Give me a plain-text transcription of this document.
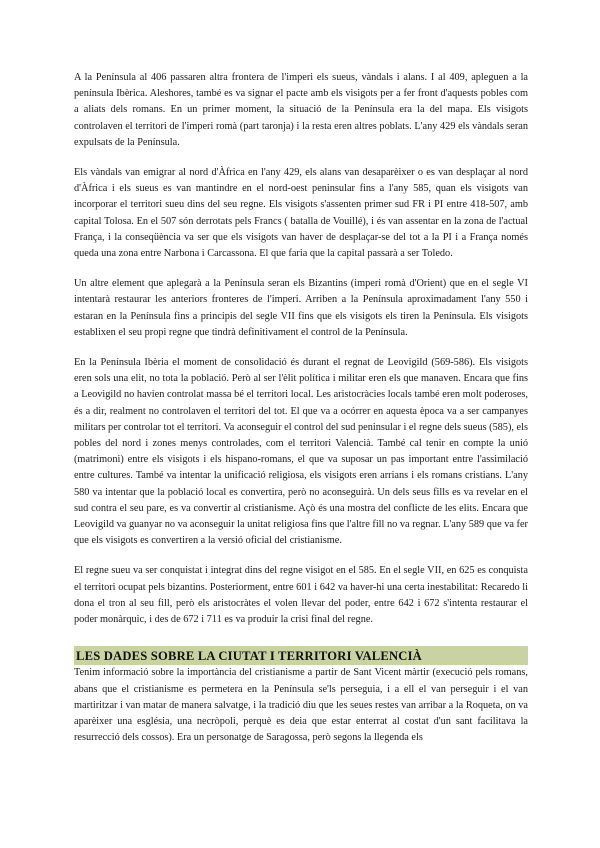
A la Península al 406 passaren altra frontera de l'imperi els sueus, vàndals i alans. I al 409, apleguen a la península Ibèrica. Aleshores, també es va signar el pacte amb els visigots per a fer front d'aquests pobles com a aliats dels romans. En un primer moment, la situació de la Península era la del mapa. Els visigots controlaven el territori de l'imperi romà (part taronja) i la resta eren altres poblats. L'any 429 els vàndals seran expulsats de la Península.

Els vàndals van emigrar al nord d'Àfrica en l'any 429, els alans van desaparèixer o es van desplaçar al nord d'Àfrica i els sueus es van mantindre en el nord-oest peninsular fins a l'any 585, quan els visigots van incorporar el territori sueu dins del seu regne. Els visigots s'assenten primer sud FR i PI entre 418-507, amb capital Tolosa. En el 507 són derrotats pels Francs ( batalla de Vouillé), i és van assentar en la zona de l'actual França, i la conseqüència va ser que els visigots van haver de desplaçar-se del tot a la PI i a França només queda una zona entre Narbona i Carcassona. El que faria que la capital passarà a ser Toledo.

Un altre element que aplegarà a la Península seran els Bizantins (imperi romà d'Orient) que en el segle VI intentarà restaurar les anteriors fronteres de l'imperi. Arriben a la Península aproximadament l'any 550 i estaran en la Península fins a principis del segle VII fins que els visigots els tiren la Península. Els visigots establixen el seu propi regne que tindrà definitivament el control de la Península.

En la Península Ibèria el moment de consolidació és durant el regnat de Leovigild (569-586). Els visigots eren sols una elit, no tota la població. Però al ser l'èlit política i militar eren els que manaven. Encara que fins a Leovigild no havien controlat massa bé el territori local. Les aristocràcies locals també eren molt poderoses, és a dir, realment no controlaven el territori del tot. El que va a ocórrer en aquesta època va a ser campanyes militars per controlar tot el territori. Va aconseguir el control del sud peninsular i el regne dels sueus (585), els pobles del nord i zones menys controlades, com el territori Valencià. També cal tenir en compte la unió (matrimoni) entre els visigots i els hispano-romans, el que va suposar un pas important entre l'assimilació entre cultures. També va intentar la unificació religiosa, els visigots eren arrians i els romans cristians. L'any 580 va intentar que la població local es convertira, però no aconseguirà. Un dels seus fills es va revelar en el sud contra el seu pare, es va convertir al cristianisme. Açò és una mostra del conflicte de les elits. Encara que Leovigild va guanyar no va aconseguir la unitat religiosa fins que l'altre fill no va regnar. L'any 589 que va fer que els visigots es convertiren a la versió oficial del cristianisme.

El regne sueu va ser conquistat i integrat dins del regne visigot en el 585. En el segle VII, en 625 es conquista el territori ocupat pels bizantins. Posteriorment, entre 601 i 642 va haver-hi una certa inestabilitat: Recaredo li dona el tron al seu fill, però els aristocràtes el volen llevar del poder, entre 642 i 672 s'intenta restaurar el poder monàrquic, i des de 672 i 711 es va produir la crisi final del regne.

LES DADES SOBRE LA CIUTAT I TERRITORI VALENCIÀ

Tenim informació sobre la importància del cristianisme a partir de Sant Vicent màrtir (execució pels romans, abans que el cristianisme es permetera en la Península se'ls perseguia, i a ell el van perseguir i el van martiritzar i van matar de manera salvatge, i la tradició diu que les seues restes van arribar a la Roqueta, on va aparèixer una església, una necròpoli, perquè es deia que estar enterrat al costat d'un sant facilitava la resurrecció dels cossos). Era un personatge de Saragossa, però segons la llegenda els
